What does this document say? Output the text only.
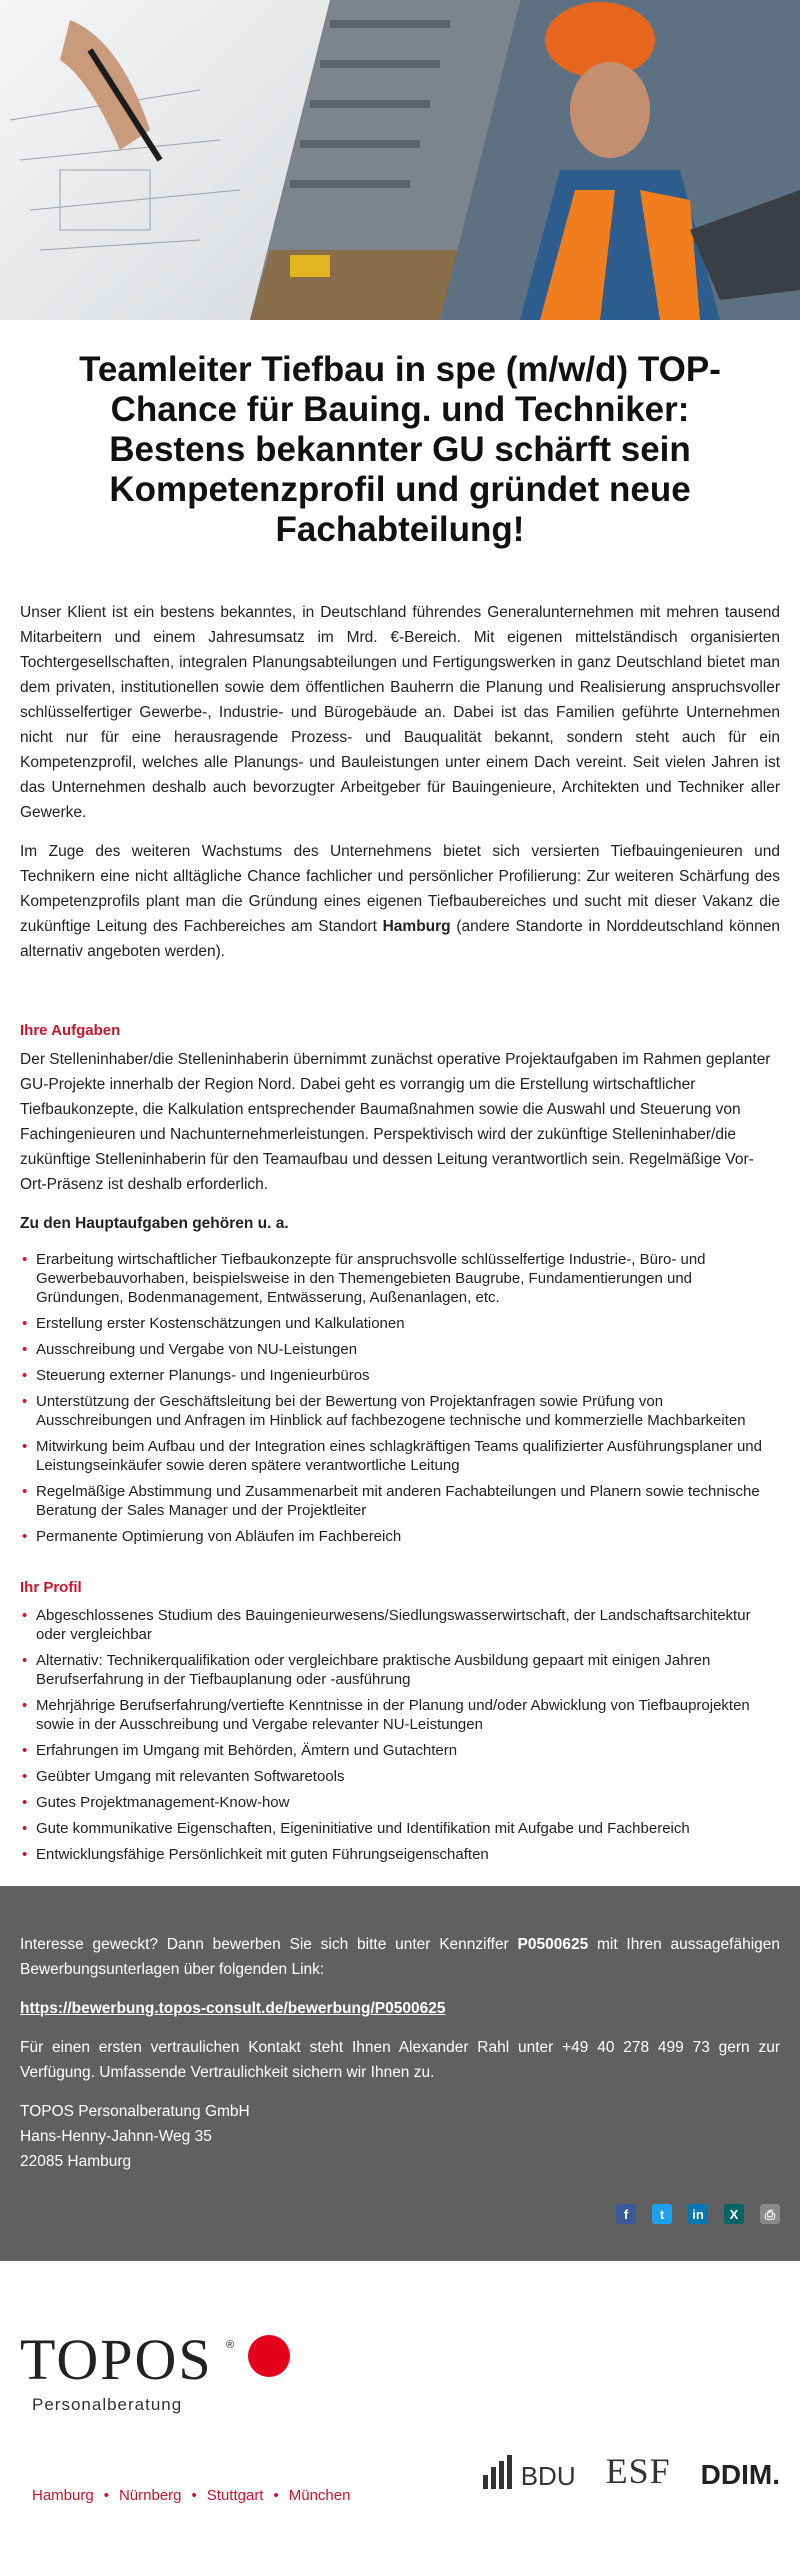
Teamleiter Tiefbau in spe (m/w/d) TOP-Chance für Bauing. und Techniker: Bestens bekannter GU schärft sein Kompetenzprofil und gründet neue Fachabteilung!

Unser Klient ist ein bestens bekanntes, in Deutschland führendes Generalunternehmen mit mehren tausend Mitarbeitern und einem Jahresumsatz im Mrd. €-Bereich. Mit eigenen mittelständisch organisierten Tochtergesellschaften, integralen Planungsabteilungen und Fertigungswerken in ganz Deutschland bietet man dem privaten, institutionellen sowie dem öffentlichen Bauherrn die Planung und Realisierung anspruchsvoller schlüsselfertiger Gewerbe-, Industrie- und Bürogebäude an. Dabei ist das Familien geführte Unternehmen nicht nur für eine herausragende Prozess- und Bauqualität bekannt, sondern steht auch für ein Kompetenzprofil, welches alle Planungs- und Bauleistungen unter einem Dach vereint. Seit vielen Jahren ist das Unternehmen deshalb auch bevorzugter Arbeitgeber für Bauingenieure, Architekten und Techniker aller Gewerke.

Im Zuge des weiteren Wachstums des Unternehmens bietet sich versierten Tiefbauingenieuren und Technikern eine nicht alltägliche Chance fachlicher und persönlicher Profilierung: Zur weiteren Schärfung des Kompetenzprofils plant man die Gründung eines eigenen Tiefbaubereiches und sucht mit dieser Vakanz die zukünftige Leitung des Fachbereiches am Standort Hamburg (andere Standorte in Norddeutschland können alternativ angeboten werden).

Ihre Aufgaben

Der Stelleninhaber/die Stelleninhaberin übernimmt zunächst operative Projektaufgaben im Rahmen geplanter GU-Projekte innerhalb der Region Nord. Dabei geht es vorrangig um die Erstellung wirtschaftlicher Tiefbaukonzepte, die Kalkulation entsprechender Baumaßnahmen sowie die Auswahl und Steuerung von Fachingenieuren und Nachunternehmerleistungen. Perspektivisch wird der zukünftige Stelleninhaber/die zukünftige Stelleninhaberin für den Teamaufbau und dessen Leitung verantwortlich sein. Regelmäßige Vor-Ort-Präsenz ist deshalb erforderlich.

Zu den Hauptaufgaben gehören u. a.

• Erarbeitung wirtschaftlicher Tiefbaukonzepte für anspruchsvolle schlüsselfertige Industrie-, Büro- und Gewerbebauvorhaben, beispielsweise in den Themengebieten Baugrube, Fundamentierungen und Gründungen, Bodenmanagement, Entwässerung, Außenanlagen, etc.
• Erstellung erster Kostenschätzungen und Kalkulationen
• Ausschreibung und Vergabe von NU-Leistungen
• Steuerung externer Planungs- und Ingenieurbüros
• Unterstützung der Geschäftsleitung bei der Bewertung von Projektanfragen sowie Prüfung von Ausschreibungen und Anfragen im Hinblick auf fachbezogene technische und kommerzielle Machbarkeiten
• Mitwirkung beim Aufbau und der Integration eines schlagkräftigen Teams qualifizierter Ausführungsplaner und Leistungseinkäufer sowie deren spätere verantwortliche Leitung
• Regelmäßige Abstimmung und Zusammenarbeit mit anderen Fachabteilungen und Planern sowie technische Beratung der Sales Manager und der Projektleiter
• Permanente Optimierung von Abläufen im Fachbereich
Ihr Profil
• Abgeschlossenes Studium des Bauingenieurwesens/Siedlungswasserwirtschaft, der Landschaftsarchitektur oder vergleichbar
• Alternativ: Technikerqualifikation oder vergleichbare praktische Ausbildung gepaart mit einigen Jahren Berufserfahrung in der Tiefbauplanung oder -ausführung
• Mehrjährige Berufserfahrung/vertiefte Kenntnisse in der Planung und/oder Abwicklung von Tiefbauprojekten sowie in der Ausschreibung und Vergabe relevanter NU-Leistungen
• Erfahrungen im Umgang mit Behörden, Ämtern und Gutachtern
• Geübter Umgang mit relevanten Softwaretools
• Gutes Projektmanagement-Know-how
• Gute kommunikative Eigenschaften, Eigeninitiative und Identifikation mit Aufgabe und Fachbereich
• Entwicklungsfähige Persönlichkeit mit guten Führungseigenschaften

Interesse geweckt? Dann bewerben Sie sich bitte unter Kennziffer P0500625 mit Ihren aussagefähigen Bewerbungsunterlagen über folgenden Link:

https://bewerbung.topos-consult.de/bewerbung/P0500625

Für einen ersten vertraulichen Kontakt steht Ihnen Alexander Rahl unter +49 40 278 499 73 gern zur Verfügung. Umfassende Vertraulichkeit sichern wir Ihnen zu.

TOPOS Personalberatung GmbH
Hans-Henny-Jahnn-Weg 35
22085 Hamburg
f	t	in	X	⎙
TOPOS ®
Personalberatung
Hamburg • Nürnberg • Stuttgart • München
BDU ESF DDIM.
